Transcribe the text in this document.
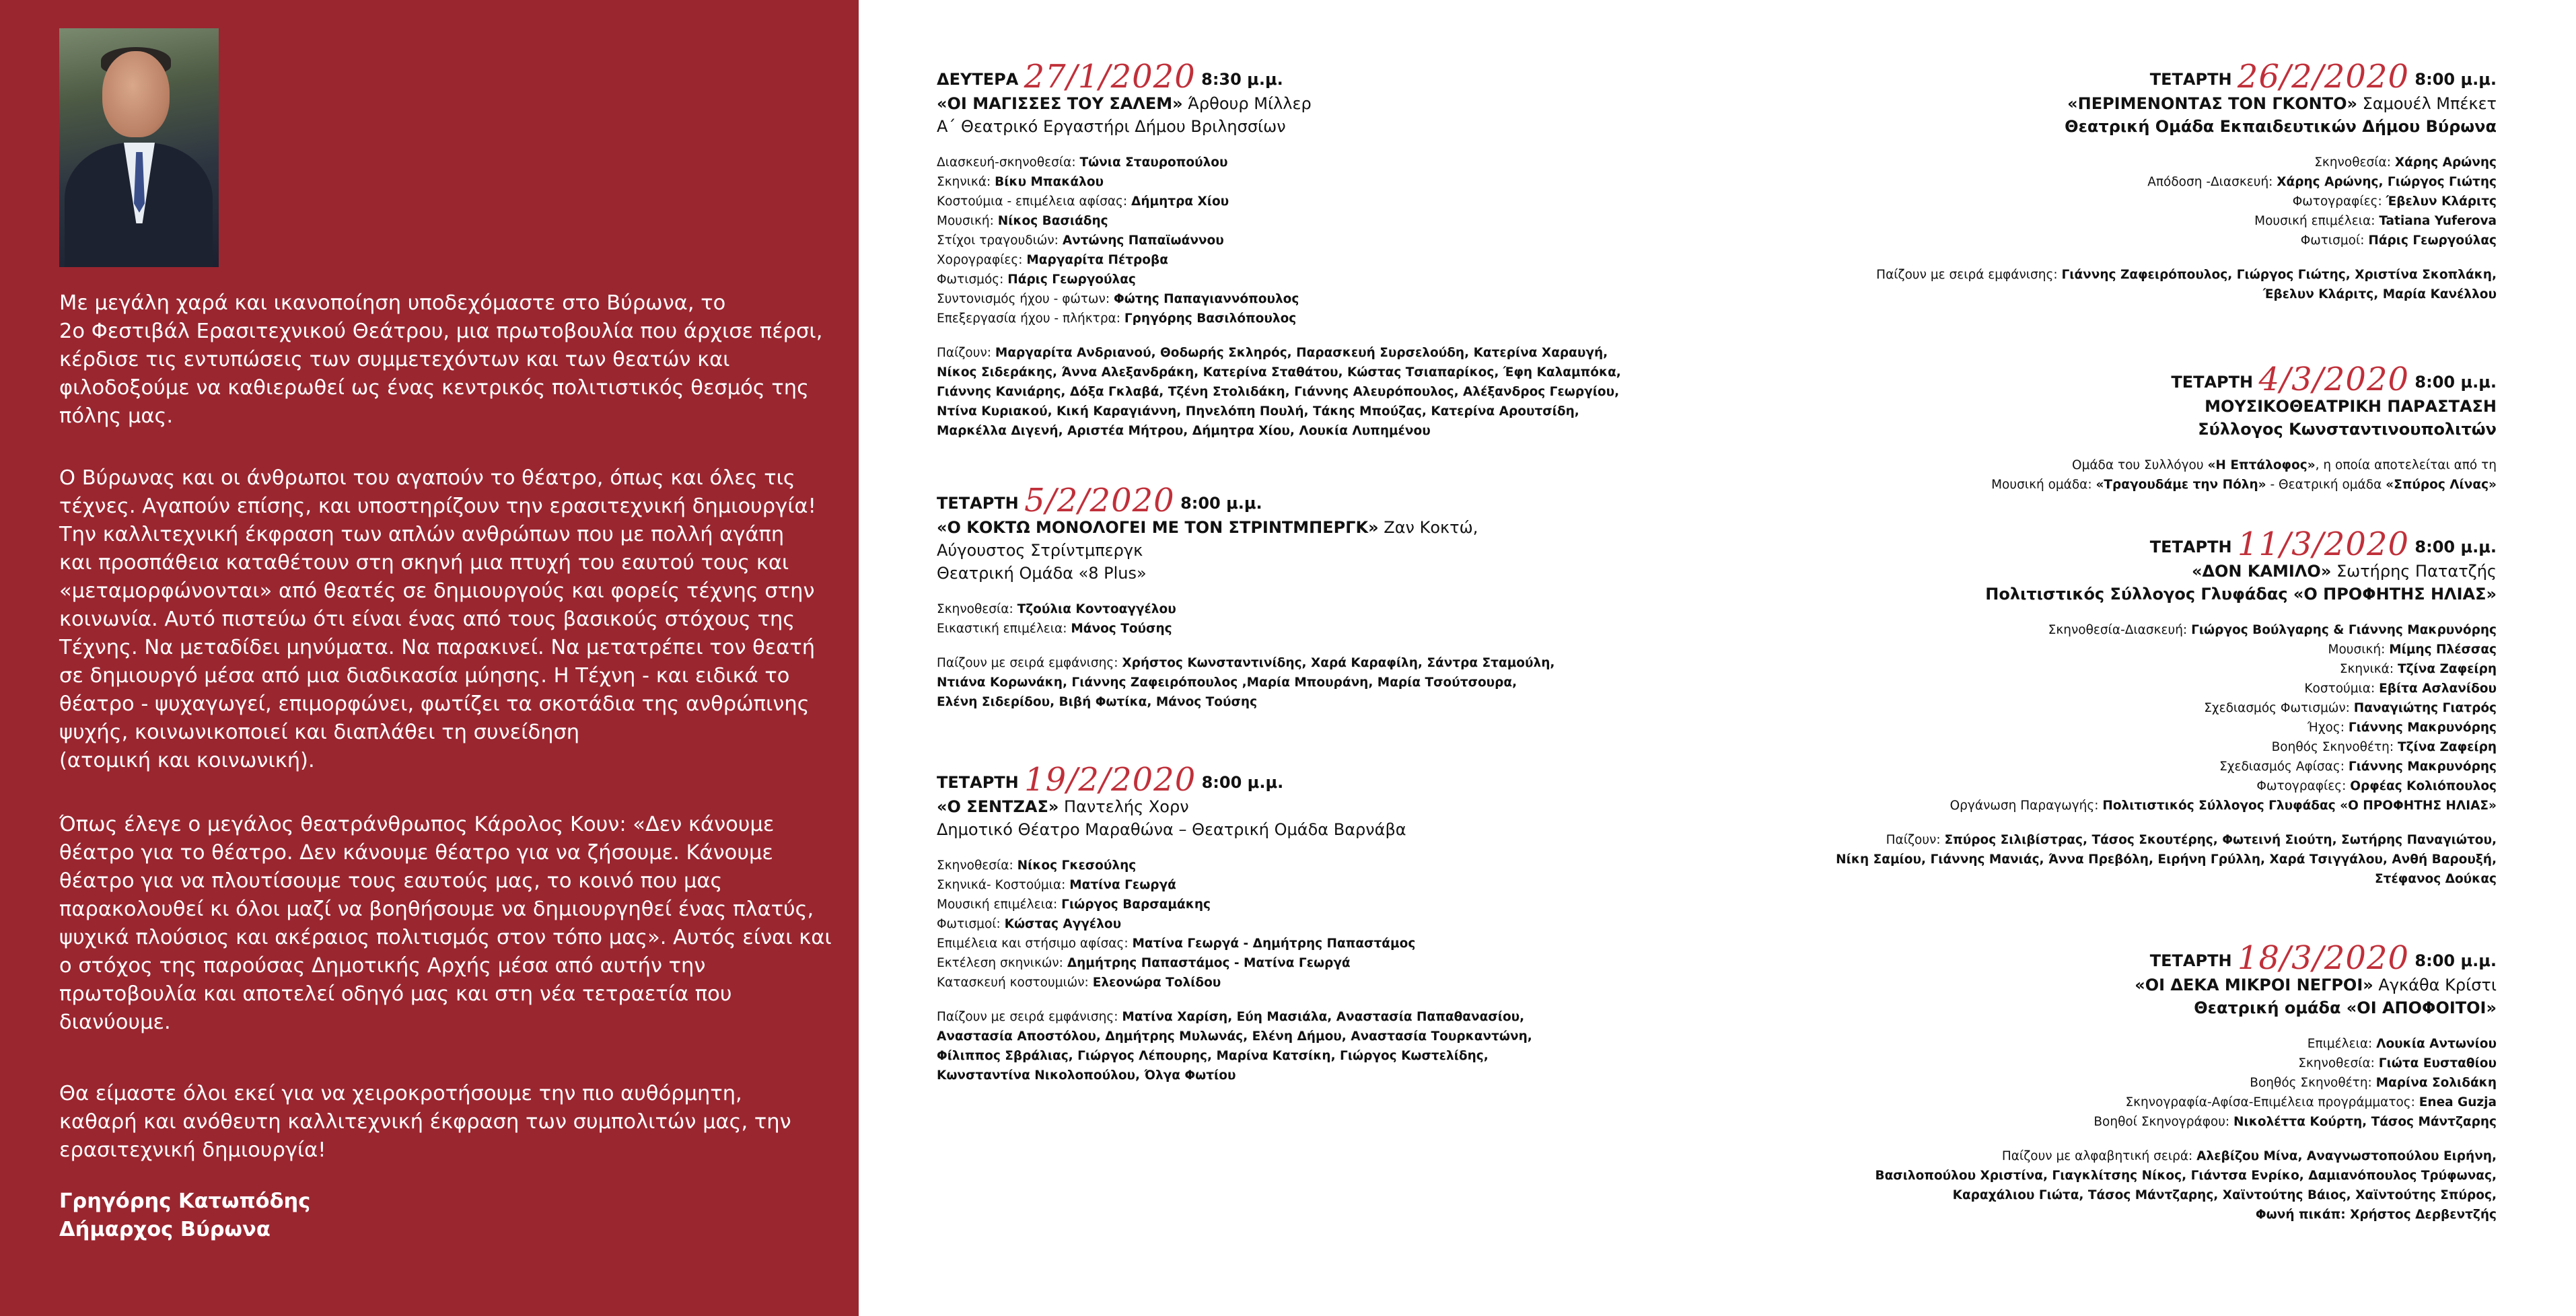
Με μεγάλη χαρά και ικανοποίηση υποδεχόμαστε στο Βύρωνα, το
2ο Φεστιβάλ Ερασιτεχνικού Θεάτρου, μια πρωτοβουλία που άρχισε πέρσι,
κέρδισε τις εντυπώσεις των συμμετεχόντων και των θεατών και
φιλοδοξούμε να καθιερωθεί ως ένας κεντρικός πολιτιστικός θεσμός της
πόλης μας.
Ο Βύρωνας και οι άνθρωποι του αγαπούν το θέατρο, όπως και όλες τις
τέχνες. Αγαπούν επίσης, και υποστηρίζουν την ερασιτεχνική δημιουργία!
Την καλλιτεχνική έκφραση των απλών ανθρώπων που με πολλή αγάπη
και προσπάθεια καταθέτουν στη σκηνή μια πτυχή του εαυτού τους και
«μεταμορφώνονται» από θεατές σε δημιουργούς και φορείς τέχνης στην
κοινωνία. Αυτό πιστεύω ότι είναι ένας από τους βασικούς στόχους της
Τέχνης. Να μεταδίδει μηνύματα. Να παρακινεί. Να μετατρέπει τον θεατή
σε δημιουργό μέσα από μια διαδικασία μύησης. Η Τέχνη - και ειδικά το
θέατρο - ψυχαγωγεί, επιμορφώνει, φωτίζει τα σκοτάδια της ανθρώπινης
ψυχής, κοινωνικοποιεί και διαπλάθει τη συνείδηση
(ατομική και κοινωνική).
Όπως έλεγε ο μεγάλος θεατράνθρωπος Κάρολος Κουν: «Δεν κάνουμε
θέατρο για το θέατρο. Δεν κάνουμε θέατρο για να ζήσουμε. Κάνουμε
θέατρο για να πλουτίσουμε τους εαυτούς μας, το κοινό που μας
παρακολουθεί κι όλοι μαζί να βοηθήσουμε να δημιουργηθεί ένας πλατύς,
ψυχικά πλούσιος και ακέραιος πολιτισμός στον τόπο μας». Αυτός είναι και
ο στόχος της παρούσας Δημοτικής Αρχής μέσα από αυτήν την
πρωτοβουλία και αποτελεί οδηγό μας και στη νέα τετραετία που
διανύουμε.
Θα είμαστε όλοι εκεί για να χειροκροτήσουμε την πιο αυθόρμητη,
καθαρή και ανόθευτη καλλιτεχνική έκφραση των συμπολιτών μας, την
ερασιτεχνική δημιουργία!
Γρηγόρης Κατωπόδης
Δήμαρχος Βύρωνα
ΔΕΥΤΕΡΑ 27/1/2020 8:30 μ.μ.
«ΟΙ ΜΑΓΙΣΣΕΣ ΤΟΥ ΣΑΛΕΜ» Άρθουρ Μίλλερ
Α΄ Θεατρικό Εργαστήρι Δήμου Βριλησσίων
Διασκευή-σκηνοθεσία: Τώνια Σταυροπούλου
Σκηνικά: Βίκυ Μπακάλου
Κοστούμια - επιμέλεια αφίσας: Δήμητρα Χίου
Μουσική: Νίκος Βασιάδης
Στίχοι τραγουδιών: Αντώνης Παπαϊωάννου
Χορογραφίες: Μαργαρίτα Πέτροβα
Φωτισμός: Πάρις Γεωργούλας
Συντονισμός ήχου - φώτων: Φώτης Παπαγιαννόπουλος
Επεξεργασία ήχου - πλήκτρα: Γρηγόρης Βασιλόπουλος
Παίζουν: Μαργαρίτα Ανδριανού, Θοδωρής Σκληρός, Παρασκευή Συρσελούδη, Κατερίνα Χαραυγή,
Νίκος Σιδεράκης, Άννα Αλεξανδράκη, Κατερίνα Σταθάτου, Κώστας Τσιαπαρίκος, Έφη Καλαμπόκα,
Γιάννης Κανιάρης, Δόξα Γκλαβά, Τζένη Στολιδάκη, Γιάννης Αλευρόπουλος, Αλέξανδρος Γεωργίου,
Ντίνα Κυριακού, Κική Καραγιάννη, Πηνελόπη Πουλή, Τάκης Μπούζας, Κατερίνα Αρουτσίδη,
Μαρκέλλα Διγενή, Αριστέα Μήτρου, Δήμητρα Χίου, Λουκία Λυπημένου
ΤΕΤΑΡΤΗ 5/2/2020 8:00 μ.μ.
«Ο ΚΟΚΤΩ ΜΟΝΟΛΟΓΕΙ ΜΕ ΤΟΝ ΣΤΡΙΝΤΜΠΕΡΓΚ» Ζαν Κοκτώ,
Αύγουστος Στρίντμπεργκ
Θεατρική Ομάδα «8 Plus»
Σκηνοθεσία: Τζούλια Κοντοαγγέλου
Εικαστική επιμέλεια: Μάνος Τούσης
Παίζουν με σειρά εμφάνισης: Χρήστος Κωνσταντινίδης, Χαρά Καραφίλη, Σάντρα Σταμούλη,
Ντιάνα Κορωνάκη, Γιάννης Ζαφειρόπουλος ,Μαρία Μπουράνη, Μαρία Τσούτσουρα,
Ελένη Σιδερίδου, Βιβή Φωτίκα, Μάνος Τούσης
ΤΕΤΑΡΤΗ 19/2/2020 8:00 μ.μ.
«Ο ΣΕΝΤΖΑΣ» Παντελής Χορν
Δημοτικό Θέατρο Μαραθώνα – Θεατρική Ομάδα Βαρνάβα
Σκηνοθεσία: Νίκος Γκεσούλης
Σκηνικά- Κοστούμια: Ματίνα Γεωργά
Μουσική επιμέλεια: Γιώργος Βαρσαμάκης
Φωτισμοί: Κώστας Αγγέλου
Επιμέλεια και στήσιμο αφίσας: Ματίνα Γεωργά - Δημήτρης Παπαστάμος
Εκτέλεση σκηνικών: Δημήτρης Παπαστάμος - Ματίνα Γεωργά
Κατασκευή κοστουμιών: Ελεονώρα Τολίδου
Παίζουν με σειρά εμφάνισης: Ματίνα Χαρίση, Εύη Μασιάλα, Αναστασία Παπαθανασίου,
Αναστασία Αποστόλου, Δημήτρης Μυλωνάς, Ελένη Δήμου, Αναστασία Τουρκαντώνη,
Φίλιππος Σβράλιας, Γιώργος Λέπουρης, Μαρίνα Κατσίκη, Γιώργος Κωστελίδης,
Κωνσταντίνα Νικολοπούλου, Όλγα Φωτίου
ΤΕΤΑΡΤΗ 26/2/2020 8:00 μ.μ.
«ΠΕΡΙΜΕΝΟΝΤΑΣ ΤΟΝ ΓΚΟΝΤΟ» Σαμουέλ Μπέκετ
Θεατρική Ομάδα Εκπαιδευτικών Δήμου Βύρωνα
Σκηνοθεσία: Χάρης Αρώνης
Απόδοση -Διασκευή: Χάρης Αρώνης, Γιώργος Γιώτης
Φωτογραφίες: Έβελυν Κλάριτς
Μουσική επιμέλεια: Tatiana Yuferova
Φωτισμοί: Πάρις Γεωργούλας
Παίζουν με σειρά εμφάνισης: Γιάννης Ζαφειρόπουλος, Γιώργος Γιώτης, Χριστίνα Σκοπλάκη,
Έβελυν Κλάριτς, Μαρία Κανέλλου
ΤΕΤΑΡΤΗ 4/3/2020 8:00 μ.μ.
ΜΟΥΣΙΚΟΘΕΑΤΡΙΚΗ ΠΑΡΑΣΤΑΣΗ
Σύλλογος Κωνσταντινουπολιτών
Ομάδα του Συλλόγου «Η Επτάλοφος», η οποία αποτελείται από τη
Μουσική ομάδα: «Τραγουδάμε την Πόλη» - Θεατρική ομάδα «Σπύρος Λίνας»
ΤΕΤΑΡΤΗ 11/3/2020 8:00 μ.μ.
«ΔΟΝ ΚΑΜΙΛΟ» Σωτήρης Πατατζής
Πολιτιστικός Σύλλογος Γλυφάδας «Ο ΠΡΟΦΗΤΗΣ ΗΛΙΑΣ»
Σκηνοθεσία-Διασκευή: Γιώργος Βούλγαρης & Γιάννης Μακρυνόρης
Μουσική: Μίμης Πλέσσας
Σκηνικά: Τζίνα Ζαφείρη
Κοστούμια: Εβίτα Ασλανίδου
Σχεδιασμός Φωτισμών: Παναγιώτης Γιατρός
Ήχος: Γιάννης Μακρυνόρης
Βοηθός Σκηνοθέτη: Τζίνα Ζαφείρη
Σχεδιασμός Αφίσας: Γιάννης Μακρυνόρης
Φωτογραφίες: Ορφέας Κολιόπουλος
Οργάνωση Παραγωγής: Πολιτιστικός Σύλλογος Γλυφάδας «Ο ΠΡΟΦΗΤΗΣ ΗΛΙΑΣ»
Παίζουν: Σπύρος Σιλιβίστρας, Τάσος Σκουτέρης, Φωτεινή Σιούτη, Σωτήρης Παναγιώτου,
Νίκη Σαμίου, Γιάννης Μανιάς, Άννα Πρεβόλη, Ειρήνη Γρύλλη, Χαρά Τσιγγάλου, Ανθή Βαρουξή,
Στέφανος Δούκας
ΤΕΤΑΡΤΗ 18/3/2020 8:00 μ.μ.
«ΟΙ ΔΕΚΑ ΜΙΚΡΟΙ ΝΕΓΡΟΙ» Αγκάθα Κρίστι
Θεατρική ομάδα «ΟΙ ΑΠΟΦΟΙΤΟΙ»
Επιμέλεια: Λουκία Αντωνίου
Σκηνοθεσία: Γιώτα Ευσταθίου
Βοηθός Σκηνοθέτη: Μαρίνα Σολιδάκη
Σκηνογραφία-Αφίσα-Επιμέλεια προγράμματος: Enea Guzja
Βοηθοί Σκηνογράφου: Νικολέττα Κούρτη, Τάσος Μάντζαρης
Παίζουν με αλφαβητική σειρά: Αλεβίζου Μίνα, Αναγνωστοπούλου Ειρήνη,
Βασιλοπούλου Χριστίνα, Γιαγκλίτσης Νίκος, Γιάντσα Ενρίκο, Δαμιανόπουλος Τρύφωνας,
Καραχάλιου Γιώτα, Τάσος Μάντζαρης, Χαϊντούτης Βάιος, Χαϊντούτης Σπύρος,
Φωνή πικάπ: Χρήστος Δερβεντζής
